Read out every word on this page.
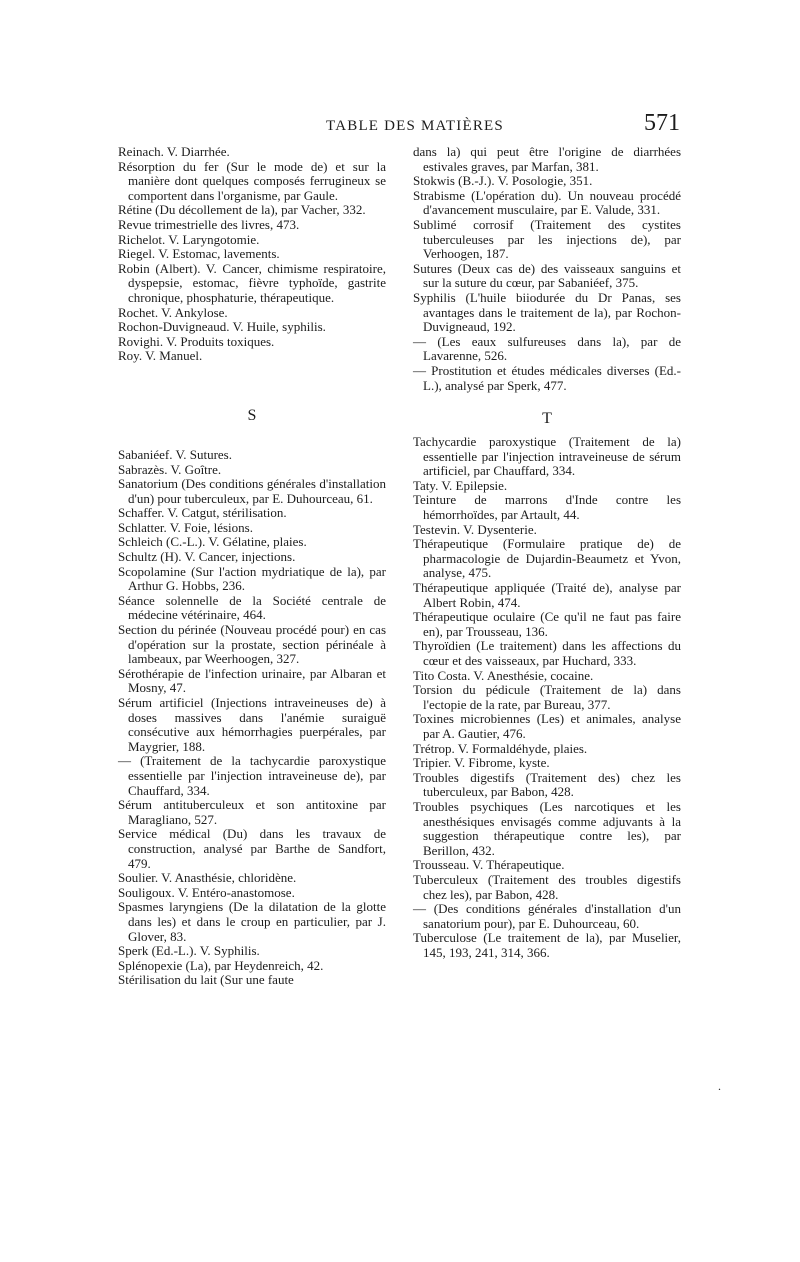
TABLE DES MATIÈRES	571

Reinach. V. Diarrhée.

Résorption du fer (Sur le mode de) et sur la manière dont quelques composés ferrugineux se comportent dans l'organisme, par Gaule.

Rétine (Du décollement de la), par Vacher, 332.

Revue trimestrielle des livres, 473.

Richelot. V. Laryngotomie.

Riegel. V. Estomac, lavements.

Robin (Albert). V. Cancer, chimisme respiratoire, dyspepsie, estomac, fièvre typhoïde, gastrite chronique, phosphaturie, thérapeutique.

Rochet. V. Ankylose.

Rochon-Duvigneaud. V. Huile, syphilis.

Rovighi. V. Produits toxiques.

Roy. V. Manuel.

S

Sabaniéef. V. Sutures.

Sabrazès. V. Goître.

Sanatorium (Des conditions générales d'installation d'un) pour tuberculeux, par E. Duhourceau, 61.

Schaffer. V. Catgut, stérilisation.

Schlatter. V. Foie, lésions.

Schleich (C.-L.). V. Gélatine, plaies.

Schultz (H). V. Cancer, injections.

Scopolamine (Sur l'action mydriatique de la), par Arthur G. Hobbs, 236.

Séance solennelle de la Société centrale de médecine vétérinaire, 464.

Section du périnée (Nouveau procédé pour) en cas d'opération sur la prostate, section périnéale à lambeaux, par Weerhoogen, 327.

Sérothérapie de l'infection urinaire, par Albaran et Mosny, 47.

Sérum artificiel (Injections intraveineuses de) à doses massives dans l'anémie suraiguë consécutive aux hémorrhagies puerpérales, par Maygrier, 188.

— (Traitement de la tachycardie paroxystique essentielle par l'injection intraveineuse de), par Chauffard, 334.

Sérum antituberculeux et son antitoxine par Maragliano, 527.

Service médical (Du) dans les travaux de construction, analysé par Barthe de Sandfort, 479.

Soulier. V. Anasthésie, chloridène.

Souligoux. V. Entéro-anastomose.

Spasmes laryngiens (De la dilatation de la glotte dans les) et dans le croup en particulier, par J. Glover, 83.

Sperk (Ed.-L.). V. Syphilis.

Splénopexie (La), par Heydenreich, 42.

Stérilisation du lait (Sur une faute

dans la) qui peut être l'origine de diarrhées estivales graves, par Marfan, 381.

Stokwis (B.-J.). V. Posologie, 351.

Strabisme (L'opération du). Un nouveau procédé d'avancement musculaire, par E. Valude, 331.

Sublimé corrosif (Traitement des cystites tuberculeuses par les injections de), par Verhoogen, 187.

Sutures (Deux cas de) des vaisseaux sanguins et sur la suture du cœur, par Sabaniéef, 375.

Syphilis (L'huile biiodurée du Dr Panas, ses avantages dans le traitement de la), par Rochon-Duvigneaud, 192.

— (Les eaux sulfureuses dans la), par de Lavarenne, 526.

— Prostitution et études médicales diverses (Ed.-L.), analysé par Sperk, 477.

T

Tachycardie paroxystique (Traitement de la) essentielle par l'injection intraveineuse de sérum artificiel, par Chauffard, 334.

Taty. V. Epilepsie.

Teinture de marrons d'Inde contre les hémorrhoïdes, par Artault, 44.

Testevin. V. Dysenterie.

Thérapeutique (Formulaire pratique de) de pharmacologie de Dujardin-Beaumetz et Yvon, analyse, 475.

Thérapeutique appliquée (Traité de), analyse par Albert Robin, 474.

Thérapeutique oculaire (Ce qu'il ne faut pas faire en), par Trousseau, 136.

Thyroïdien (Le traitement) dans les affections du cœur et des vaisseaux, par Huchard, 333.

Tito Costa. V. Anesthésie, cocaine.

Torsion du pédicule (Traitement de la) dans l'ectopie de la rate, par Bureau, 377.

Toxines microbiennes (Les) et animales, analyse par A. Gautier, 476.

Trétrop. V. Formaldéhyde, plaies.

Tripier. V. Fibrome, kyste.

Troubles digestifs (Traitement des) chez les tuberculeux, par Babon, 428.

Troubles psychiques (Les narcotiques et les anesthésiques envisagés comme adjuvants à la suggestion thérapeutique contre les), par Berillon, 432.

Trousseau. V. Thérapeutique.

Tuberculeux (Traitement des troubles digestifs chez les), par Babon, 428.

— (Des conditions générales d'installation d'un sanatorium pour), par E. Duhourceau, 60.

Tuberculose (Le traitement de la), par Muselier, 145, 193, 241, 314, 366.

.
